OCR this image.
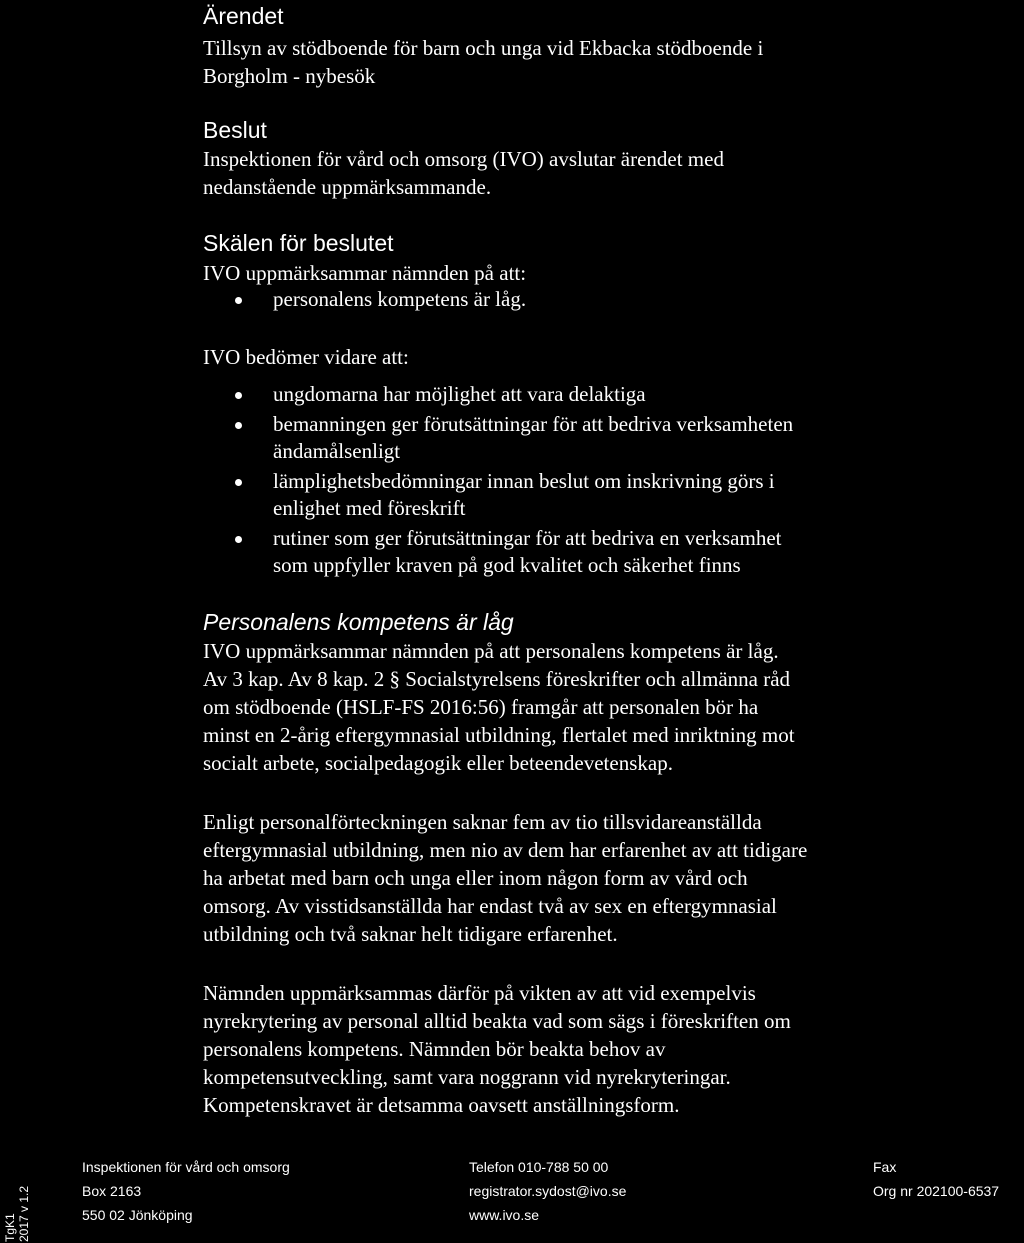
Ärendet

Tillsyn av stödboende för barn och unga vid Ekbacka stödboende i
Borgholm - nybesök

Beslut

Inspektionen för vård och omsorg (IVO) avslutar ärendet med
nedanstående uppmärksammande.

Skälen för beslutet

IVO uppmärksammar nämnden på att:

personalens kompetens är låg.

IVO bedömer vidare att:

ungdomarna har möjlighet att vara delaktiga
bemanningen ger förutsättningar för att bedriva verksamheten
ändamålsenligt
lämplighetsbedömningar innan beslut om inskrivning görs i
enlighet med föreskrift
rutiner som ger förutsättningar för att bedriva en verksamhet
som uppfyller kraven på god kvalitet och säkerhet finns
Personalens kompetens är låg

IVO uppmärksammar nämnden på att personalens kompetens är låg.
Av 3 kap. Av 8 kap. 2 § Socialstyrelsens föreskrifter och allmänna råd
om stödboende (HSLF-FS 2016:56) framgår att personalen bör ha
minst en 2-årig eftergymnasial utbildning, flertalet med inriktning mot
socialt arbete, socialpedagogik eller beteendevetenskap.

Enligt personalförteckningen saknar fem av tio tillsvidareanställda
eftergymnasial utbildning, men nio av dem har erfarenhet av att tidigare
ha arbetat med barn och unga eller inom någon form av vård och
omsorg. Av visstidsanställda har endast två av sex en eftergymnasial
utbildning och två saknar helt tidigare erfarenhet.

Nämnden uppmärksammas därför på vikten av att vid exempelvis
nyrekrytering av personal alltid beakta vad som sägs i föreskriften om
personalens kompetens. Nämnden bör beakta behov av
kompetensutveckling, samt vara noggrann vid nyrekryteringar.
Kompetenskravet är detsamma oavsett anställningsform.

TgK1 2017 v 1.2
Inspektionen för vård och omsorg
Box 2163
550 02 Jönköping
Telefon 010-788 50 00
registrator.sydost@ivo.se
www.ivo.se
Fax
Org nr 202100-6537
